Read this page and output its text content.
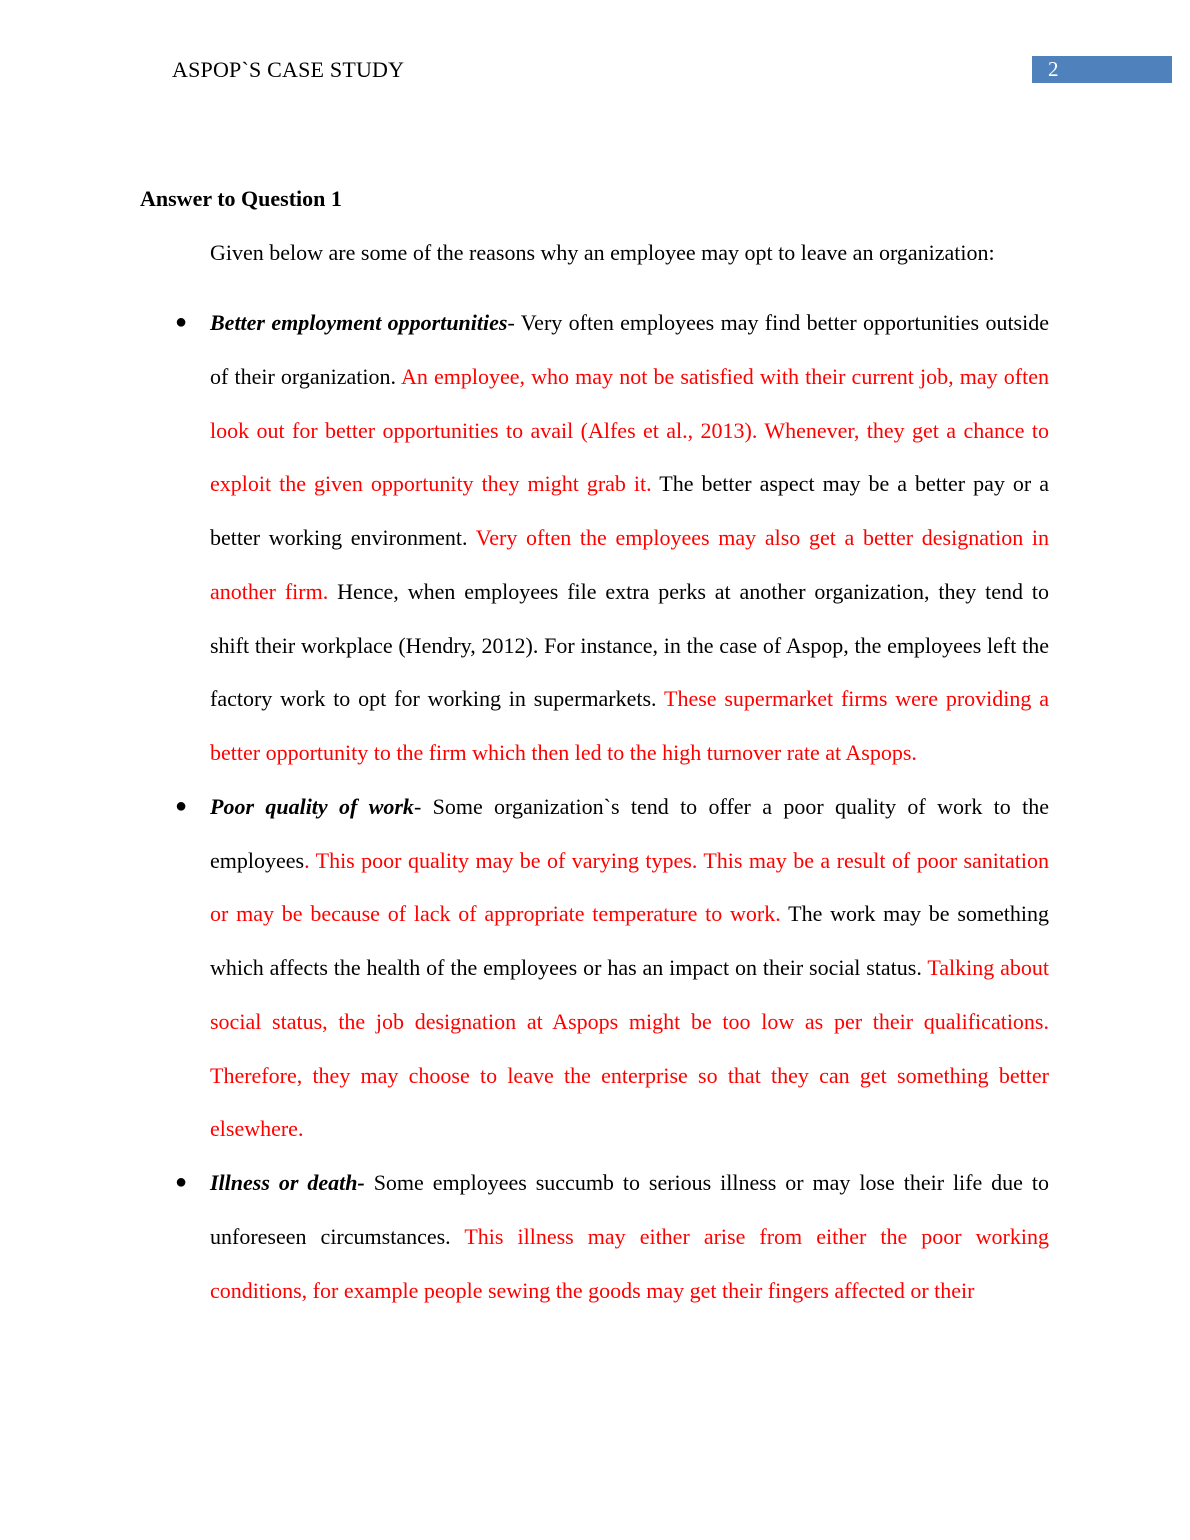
ASPOP`S CASE STUDY	2
Answer to Question 1
Given below are some of the reasons why an employee may opt to leave an organization:
● Better employment opportunities- Very often employees may find better opportunities outside of their organization. An employee, who may not be satisfied with their current job, may often look out for better opportunities to avail (Alfes et al., 2013). Whenever, they get a chance to exploit the given opportunity they might grab it. The better aspect may be a better pay or a better working environment. Very often the employees may also get a better designation in another firm. Hence, when employees file extra perks at another organization, they tend to shift their workplace (Hendry, 2012). For instance, in the case of Aspop, the employees left the factory work to opt for working in supermarkets. These supermarket firms were providing a better opportunity to the firm which then led to the high turnover rate at Aspops.
● Poor quality of work- Some organization`s tend to offer a poor quality of work to the employees. This poor quality may be of varying types. This may be a result of poor sanitation or may be because of lack of appropriate temperature to work. The work may be something which affects the health of the employees or has an impact on their social status. Talking about social status, the job designation at Aspops might be too low as per their qualifications. Therefore, they may choose to leave the enterprise so that they can get something better elsewhere.
● Illness or death- Some employees succumb to serious illness or may lose their life due to unforeseen circumstances. This illness may either arise from either the poor working conditions, for example people sewing the goods may get their fingers affected or their
